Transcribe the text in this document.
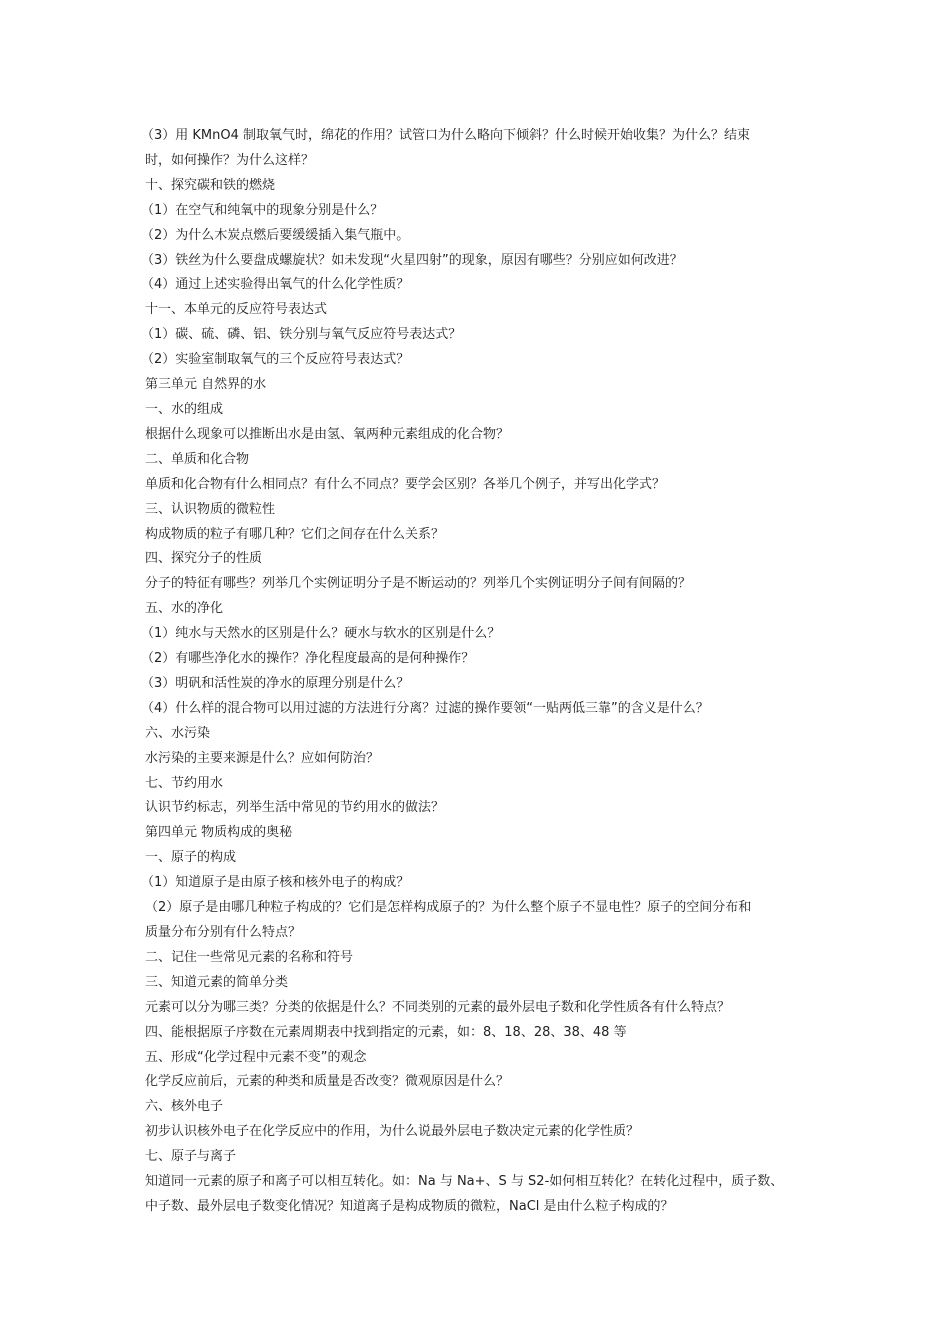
（3）用 KMnO4 制取氧气时，绵花的作用？试管口为什么略向下倾斜？什么时候开始收集？为什么？结束
时，如何操作？为什么这样？
十、探究碳和铁的燃烧
（1）在空气和纯氧中的现象分别是什么？
（2）为什么木炭点燃后要缓缓插入集气瓶中。
（3）铁丝为什么要盘成螺旋状？如未发现“火星四射”的现象，原因有哪些？分别应如何改进？
（4）通过上述实验得出氧气的什么化学性质？
十一、本单元的反应符号表达式
（1）碳、硫、磷、铝、铁分别与氧气反应符号表达式？
（2）实验室制取氧气的三个反应符号表达式？
第三单元 自然界的水
一、水的组成
根据什么现象可以推断出水是由氢、氧两种元素组成的化合物？
二、单质和化合物
单质和化合物有什么相同点？有什么不同点？要学会区别？各举几个例子，并写出化学式？
三、认识物质的微粒性
构成物质的粒子有哪几种？它们之间存在什么关系？
四、探究分子的性质
分子的特征有哪些？列举几个实例证明分子是不断运动的？列举几个实例证明分子间有间隔的？
五、水的净化
（1）纯水与天然水的区别是什么？硬水与软水的区别是什么？
（2）有哪些净化水的操作？净化程度最高的是何种操作？
（3）明矾和活性炭的净水的原理分别是什么？
（4）什么样的混合物可以用过滤的方法进行分离？过滤的操作要领“一贴两低三靠”的含义是什么？
六、水污染
水污染的主要来源是什么？应如何防治？
七、节约用水
认识节约标志，列举生活中常见的节约用水的做法？
第四单元 物质构成的奥秘
一、原子的构成
（1）知道原子是由原子核和核外电子的构成？
（2）原子是由哪几种粒子构成的？它们是怎样构成原子的？为什么整个原子不显电性？原子的空间分布和
质量分布分别有什么特点？
二、记住一些常见元素的名称和符号
三、知道元素的简单分类
元素可以分为哪三类？分类的依据是什么？不同类别的元素的最外层电子数和化学性质各有什么特点？
四、能根据原子序数在元素周期表中找到指定的元素，如：8、18、28、38、48 等
五、形成“化学过程中元素不变”的观念
化学反应前后，元素的种类和质量是否改变？微观原因是什么？
六、核外电子
初步认识核外电子在化学反应中的作用，为什么说最外层电子数决定元素的化学性质？
七、原子与离子
知道同一元素的原子和离子可以相互转化。如：Na 与 Na+、S 与 S2-如何相互转化？在转化过程中，质子数、
中子数、最外层电子数变化情况？知道离子是构成物质的微粒，NaCl 是由什么粒子构成的？
